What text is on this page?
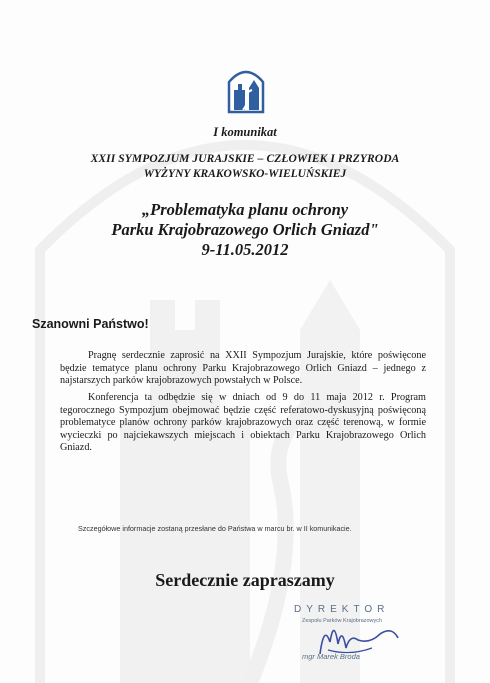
I komunikat
XXII SYMPOZJUM JURAJSKIE – CZŁOWIEK I PRZYRODA
WYŻYNY KRAKOWSKO-WIELUŃSKIEJ
„Problematyka planu ochrony
Parku Krajobrazowego Orlich Gniazd"
9-11.05.2012
Szanowni Państwo!

Pragnę serdecznie zaprosić na XXII Sympozjum Jurajskie, które poświęcone będzie tematyce planu ochrony Parku Krajobrazowego Orlich Gniazd – jednego z najstarszych parków krajobrazowych powstałych w Polsce.

Konferencja ta odbędzie się w dniach od 9 do 11 maja 2012 r. Program tegorocznego Sympozjum obejmować będzie część referatowo-dyskusyjną poświęconą problematyce planów ochrony parków krajobrazowych oraz część terenową, w formie wycieczki po najciekawszych miejscach i obiektach Parku Krajobrazowego Orlich Gniazd.

Szczegółowe informacje zostaną przesłane do Państwa w marcu br. w II komunikacie.
Serdecznie zapraszamy
DYREKTOR
Zespołu Parków Krajobrazowych
mgr Marek Broda
